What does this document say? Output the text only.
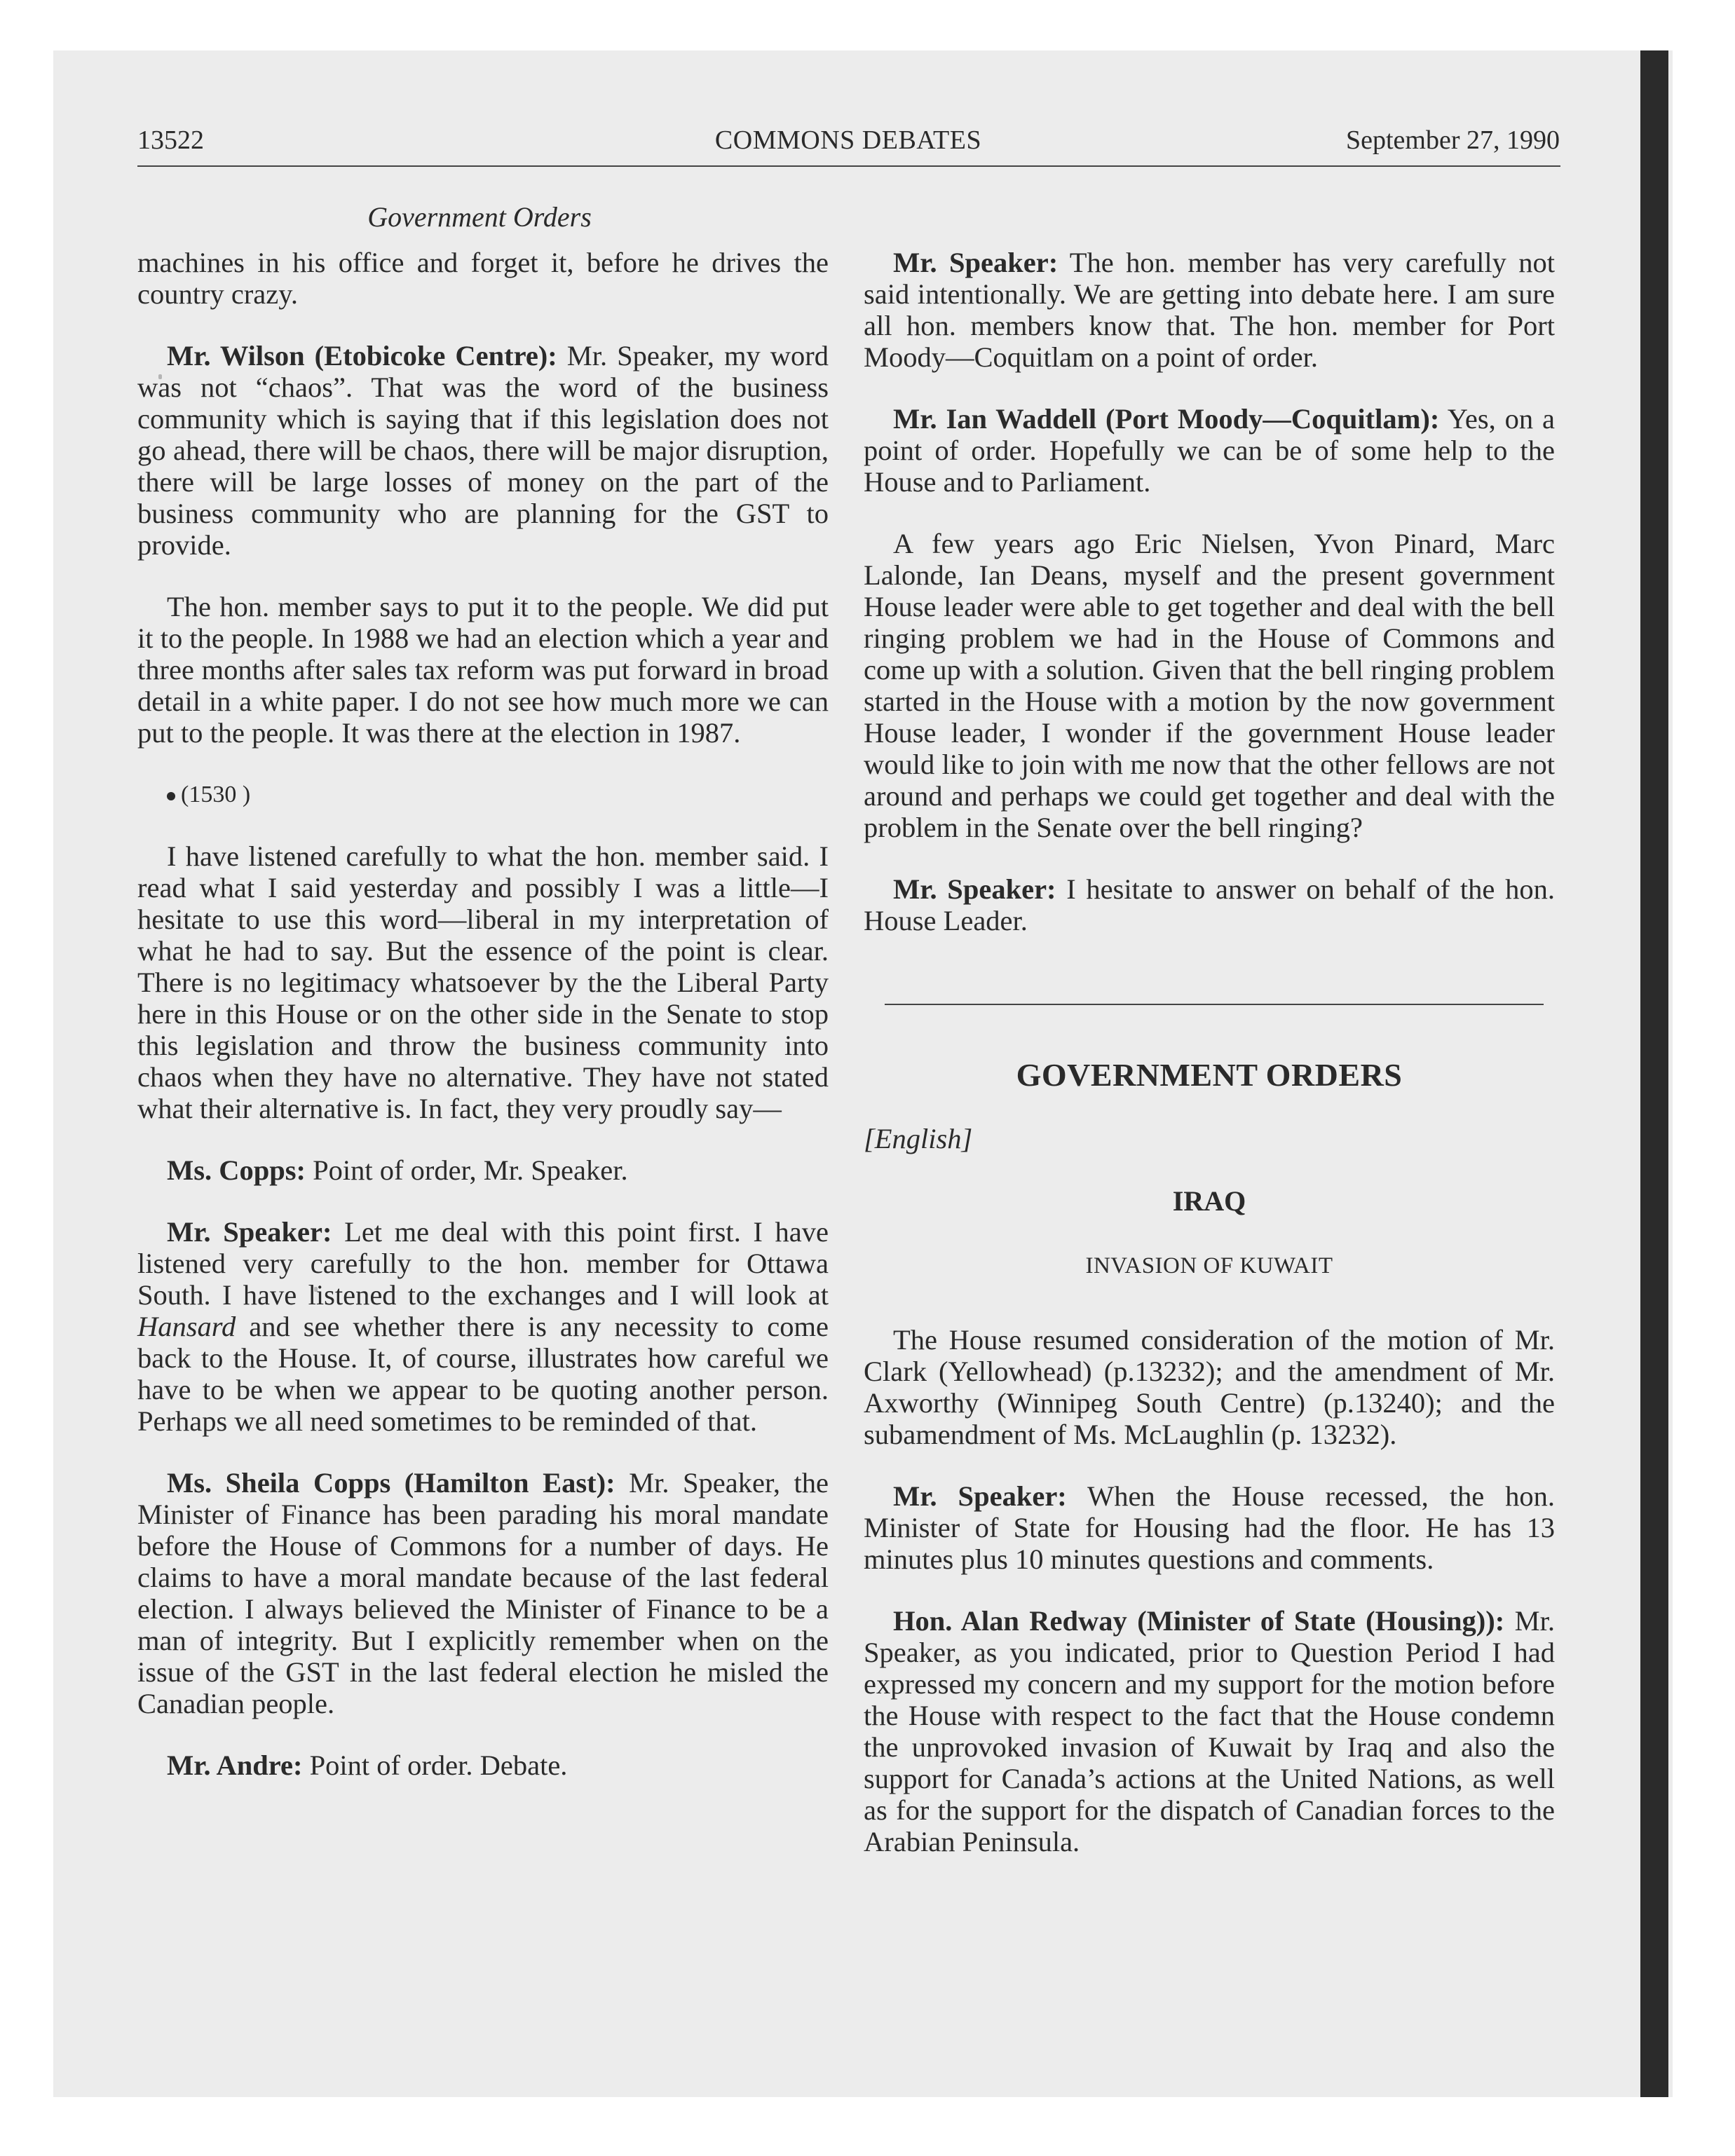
13522	COMMONS DEBATES	September 27, 1990
Government Orders

machines in his office and forget it, before he drives the country crazy.

Mr. Wilson (Etobicoke Centre): Mr. Speaker, my word was not “chaos”. That was the word of the business community which is saying that if this legislation does not go ahead, there will be chaos, there will be major disruption, there will be large losses of money on the part of the business community who are planning for the GST to provide.

The hon. member says to put it to the people. We did put it to the people. In 1988 we had an election which a year and three months after sales tax reform was put forward in broad detail in a white paper. I do not see how much more we can put to the people. It was there at the election in 1987.

(1530 )

I have listened carefully to what the hon. member said. I read what I said yesterday and possibly I was a little—I hesitate to use this word—liberal in my interpretation of what he had to say. But the essence of the point is clear. There is no legitimacy whatsoever by the the Liberal Party here in this House or on the other side in the Senate to stop this legislation and throw the business community into chaos when they have no alternative. They have not stated what their alternative is. In fact, they very proudly say—

Ms. Copps: Point of order, Mr. Speaker.

Mr. Speaker: Let me deal with this point first. I have listened very carefully to the hon. member for Ottawa South. I have listened to the exchanges and I will look at Hansard and see whether there is any necessity to come back to the House. It, of course, illustrates how careful we have to be when we appear to be quoting another person. Perhaps we all need sometimes to be reminded of that.

Ms. Sheila Copps (Hamilton East): Mr. Speaker, the Minister of Finance has been parading his moral mandate before the House of Commons for a number of days. He claims to have a moral mandate because of the last federal election. I always believed the Minister of Finance to be a man of integrity. But I explicitly remember when on the issue of the GST in the last federal election he misled the Canadian people.

Mr. Andre: Point of order. Debate.

Mr. Speaker: The hon. member has very carefully not said intentionally. We are getting into debate here. I am sure all hon. members know that. The hon. member for Port Moody—Coquitlam on a point of order.

Mr. Ian Waddell (Port Moody—Coquitlam): Yes, on a point of order. Hopefully we can be of some help to the House and to Parliament.

A few years ago Eric Nielsen, Yvon Pinard, Marc Lalonde, Ian Deans, myself and the present government House leader were able to get together and deal with the bell ringing problem we had in the House of Commons and come up with a solution. Given that the bell ringing problem started in the House with a motion by the now government House leader, I wonder if the government House leader would like to join with me now that the other fellows are not around and perhaps we could get together and deal with the problem in the Senate over the bell ringing?

Mr. Speaker: I hesitate to answer on behalf of the hon. House Leader.

GOVERNMENT ORDERS
[English]
IRAQ
INVASION OF KUWAIT

The House resumed consideration of the motion of Mr. Clark (Yellowhead) (p.13232); and the amendment of Mr. Axworthy (Winnipeg South Centre) (p.13240); and the subamendment of Ms. McLaughlin (p. 13232).

Mr. Speaker: When the House recessed, the hon. Minister of State for Housing had the floor. He has 13 minutes plus 10 minutes questions and comments.

Hon. Alan Redway (Minister of State (Housing)): Mr. Speaker, as you indicated, prior to Question Period I had expressed my concern and my support for the motion before the House with respect to the fact that the House condemn the unprovoked invasion of Kuwait by Iraq and also the support for Canada’s actions at the United Nations, as well as for the support for the dispatch of Canadian forces to the Arabian Peninsula.
